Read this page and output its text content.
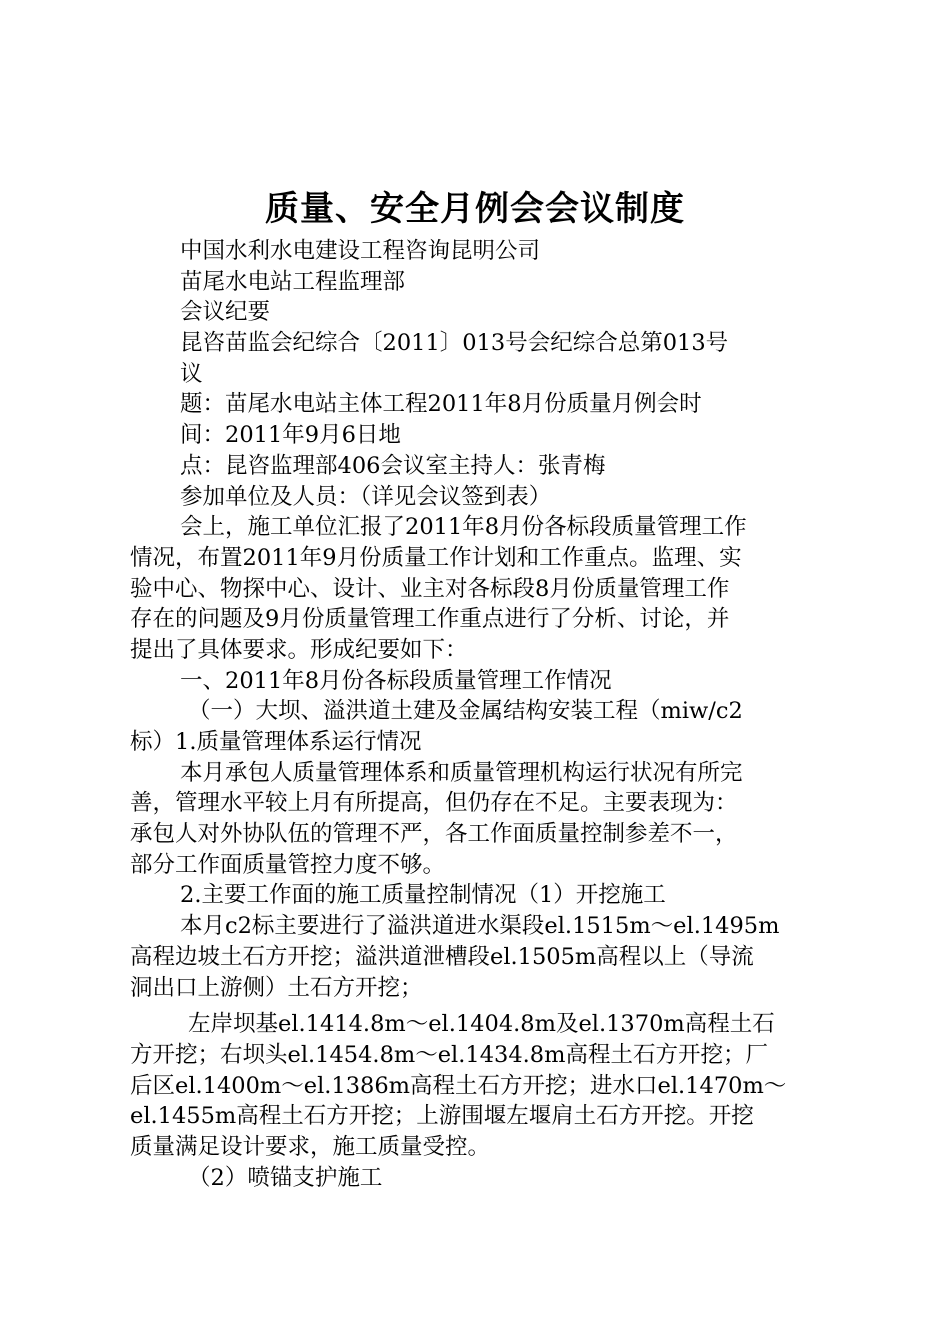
质量、安全月例会会议制度
中国水利水电建设工程咨询昆明公司
苗尾水电站工程监理部
会议纪要
昆咨苗监会纪综合〔2011〕013号会纪综合总第013号
议
题：苗尾水电站主体工程2011年8月份质量月例会时
间：2011年9月6日地
点：昆咨监理部406会议室主持人：张青梅
参加单位及人员：（详见会议签到表）
会上，施工单位汇报了2011年8月份各标段质量管理工作
情况，布置2011年9月份质量工作计划和工作重点。监理、实
验中心、物探中心、设计、业主对各标段8月份质量管理工作
存在的问题及9月份质量管理工作重点进行了分析、讨论，并
提出了具体要求。形成纪要如下：
一、2011年8月份各标段质量管理工作情况
（一）大坝、溢洪道土建及金属结构安装工程（miw/c2
标）1.质量管理体系运行情况
本月承包人质量管理体系和质量管理机构运行状况有所完
善，管理水平较上月有所提高，但仍存在不足。主要表现为：
承包人对外协队伍的管理不严，各工作面质量控制参差不一，
部分工作面质量管控力度不够。
2.主要工作面的施工质量控制情况（1）开挖施工
本月c2标主要进行了溢洪道进水渠段el.1515m～el.1495m
高程边坡土石方开挖；溢洪道泄槽段el.1505m高程以上（导流
洞出口上游侧）土石方开挖；
左岸坝基el.1414.8m～el.1404.8m及el.1370m高程土石
方开挖；右坝头el.1454.8m～el.1434.8m高程土石方开挖；厂
后区el.1400m～el.1386m高程土石方开挖；进水口el.1470m～
el.1455m高程土石方开挖；上游围堰左堰肩土石方开挖。开挖
质量满足设计要求，施工质量受控。
（2）喷锚支护施工
